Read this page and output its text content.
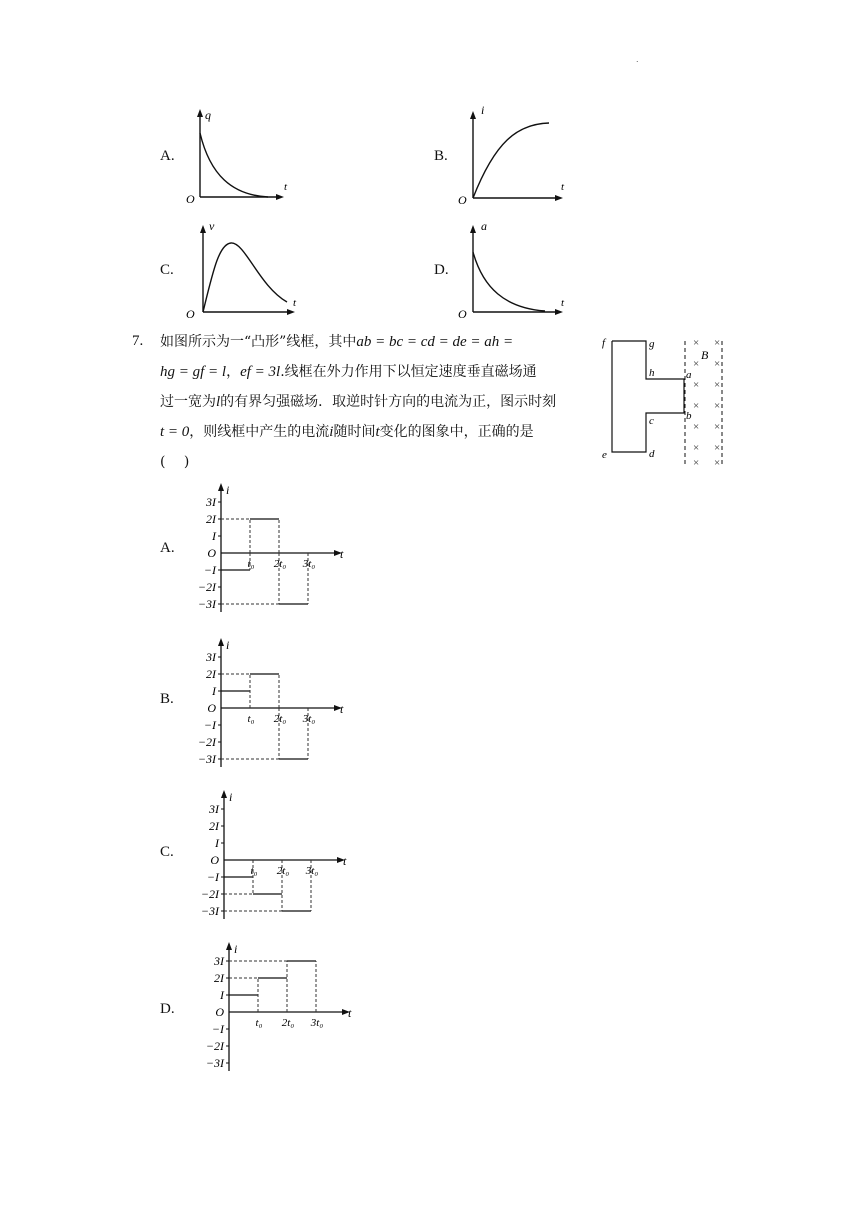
.
A.
q
t
O
B.
i
t
O
C.
v
t
O
D.
a
t
O
7. 如图所示为一“凸形”线框，其中ab = bc = cd = de = ah =
hg = gf = l，ef = 3l.线框在外力作用下以恒定速度垂直磁场通
过一宽为l的有界匀强磁场．取逆时针方向的电流为正，图示时刻
t = 0，则线框中产生的电流i随时间t变化的图象中，正确的是
(　 )
f	g
h	a
b
c
e	d
B
× ×
× ×
× ×
× ×
× ×
× ×
× ×
A.
B.
C.
D.
i
t
3I
2I
I
O
−I
−2I
−3I
t₀ 2t₀ 3t₀
i
t
3I
2I
I
O
−I
−2I
−3I
t₀ 2t₀ 3t₀
i
t
3I
2I
I
O
−I
−2I
−3I
t₀ 2t₀ 3t₀
i
t
3I
2I
I
O
−I
−2I
−3I
t₀ 2t₀ 3t₀
